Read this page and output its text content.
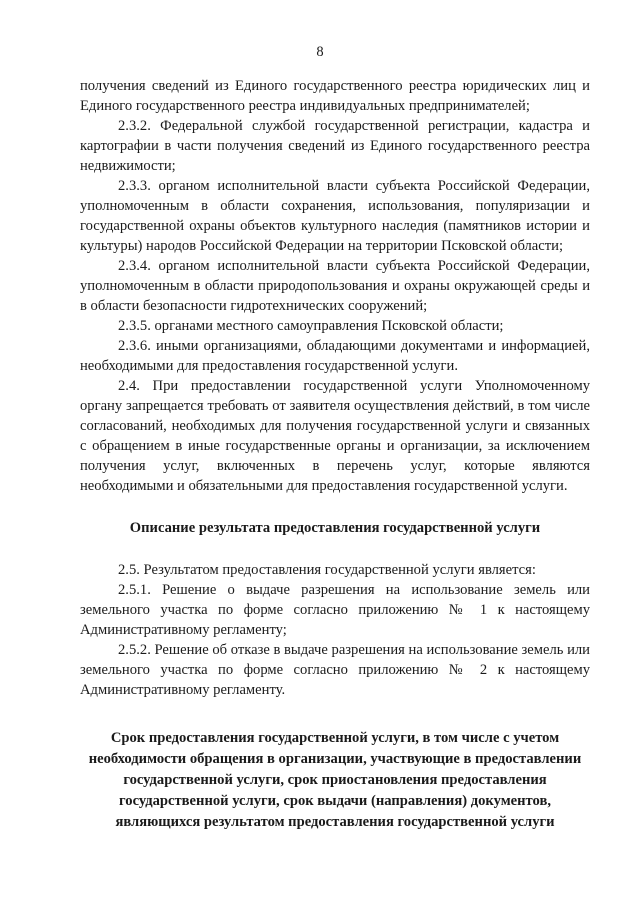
8

получения сведений из Единого государственного реестра юридических лиц и Единого государственного реестра индивидуальных предпринимателей;

2.3.2. Федеральной службой государственной регистрации, кадастра и картографии в части получения сведений из Единого государственного реестра недвижимости;

2.3.3. органом исполнительной власти субъекта Российской Федерации, уполномоченным в области сохранения, использования, популяризации и государственной охраны объектов культурного наследия (памятников истории и культуры) народов Российской Федерации на территории Псковской области;

2.3.4. органом исполнительной власти субъекта Российской Федерации, уполномоченным в области природопользования и охраны окружающей среды и в области безопасности гидротехнических сооружений;

2.3.5. органами местного самоуправления Псковской области;

2.3.6. иными организациями, обладающими документами и информацией, необходимыми для предоставления государственной услуги.

2.4. При предоставлении государственной услуги Уполномоченному органу запрещается требовать от заявителя осуществления действий, в том числе согласований, необходимых для получения государственной услуги и связанных с обращением в иные государственные органы и организации, за исключением получения услуг, включенных в перечень услуг, которые являются необходимыми и обязательными для предоставления государственной услуги.

Описание результата предоставления государственной услуги

2.5. Результатом предоставления государственной услуги является:

2.5.1. Решение о выдаче разрешения на использование земель или земельного участка по форме согласно приложению № 1 к настоящему Административному регламенту;

2.5.2. Решение об отказе в выдаче разрешения на использование земель или земельного участка по форме согласно приложению № 2 к настоящему Административному регламенту.

Срок предоставления государственной услуги, в том числе с учетом
необходимости обращения в организации, участвующие в предоставлении
государственной услуги, срок приостановления предоставления
государственной услуги, срок выдачи (направления) документов,
являющихся результатом предоставления государственной услуги
